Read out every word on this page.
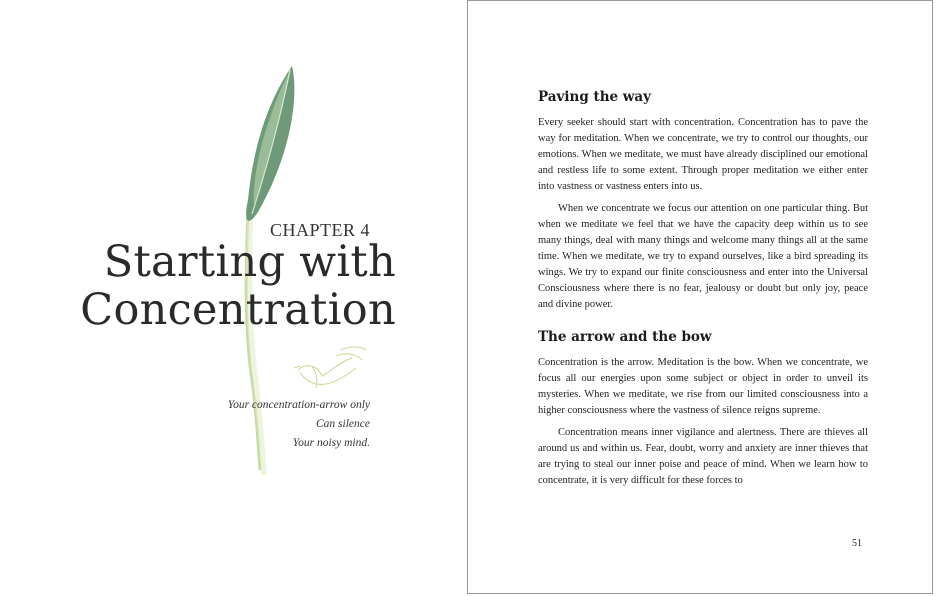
CHAPTER 4
Starting with
Concentration
Your concentration-arrow only
Can silence
Your noisy mind.
Paving the way

Every seeker should start with concentration. Concentration has to pave the way for meditation. When we concentrate, we try to control our thoughts, our emotions. When we meditate, we must have already disciplined our emotional and restless life to some extent. Through proper meditation we either enter into vastness or vastness enters into us.

When we concentrate we focus our attention on one particular thing. But when we meditate we feel that we have the capacity deep within us to see many things, deal with many things and welcome many things all at the same time. When we meditate, we try to expand ourselves, like a bird spreading its wings. We try to expand our finite consciousness and enter into the Universal Consciousness where there is no fear, jealousy or doubt but only joy, peace and divine power.

The arrow and the bow

Concentration is the arrow. Meditation is the bow. When we concentrate, we focus all our energies upon some subject or object in order to unveil its mysteries. When we meditate, we rise from our limited consciousness into a higher consciousness where the vastness of silence reigns supreme.

Concentration means inner vigilance and alertness. There are thieves all around us and within us. Fear, doubt, worry and anxiety are inner thieves that are trying to steal our inner poise and peace of mind. When we learn how to concentrate, it is very difficult for these forces to

51
